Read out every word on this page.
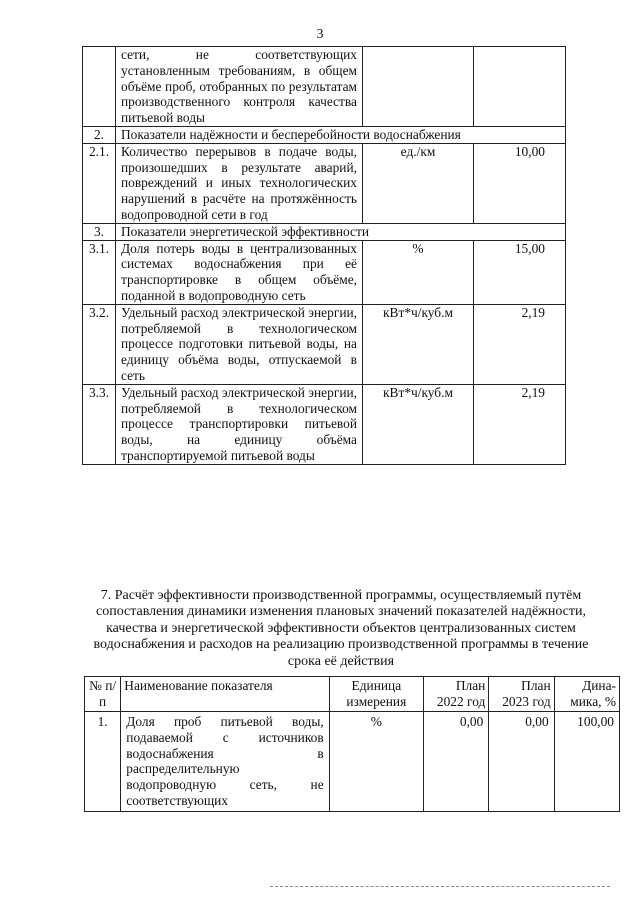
3
	сети, не соответствующих установленным требованиям, в общем объёме проб, отобранных по результатам производственного контроля качества питьевой воды		
2.	Показатели надёжности и бесперебойности водоснабжения		
2.1.	Количество перерывов в подаче воды, произошедших в результате аварий, повреждений и иных технологических нарушений в расчёте на протяжённость водопроводной сети в год	ед./км	10,00
3.	Показатели энергетической эффективности		
3.1.	Доля потерь воды в централизованных системах водоснабжения при её транспортировке в общем объёме, поданной в водопроводную сеть	%	15,00
3.2.	Удельный расход электрической энергии, потребляемой в технологическом процессе подготовки питьевой воды, на единицу объёма воды, отпускаемой в сеть	кВт*ч/куб.м	2,19
3.3.	Удельный расход электрической энергии, потребляемой в технологическом процессе транспортировки питьевой воды, на единицу объёма транспортируемой питьевой воды	кВт*ч/куб.м	2,19
7. Расчёт эффективности производственной программы, осуществляемый путём сопоставления динамики изменения плановых значений показателей надёжности, качества и энергетической эффективности объектов централизованных систем водоснабжения и расходов на реализацию производственной программы в течение срока её действия
№ п/п	Наименование показателя	Единица измерения	План 2022 год	План 2023 год	Дина-мика, %
1.	Доля проб питьевой воды, подаваемой с источников водоснабжения в распределительную водопроводную сеть, не соответствующих	%	0,00	0,00	100,00
